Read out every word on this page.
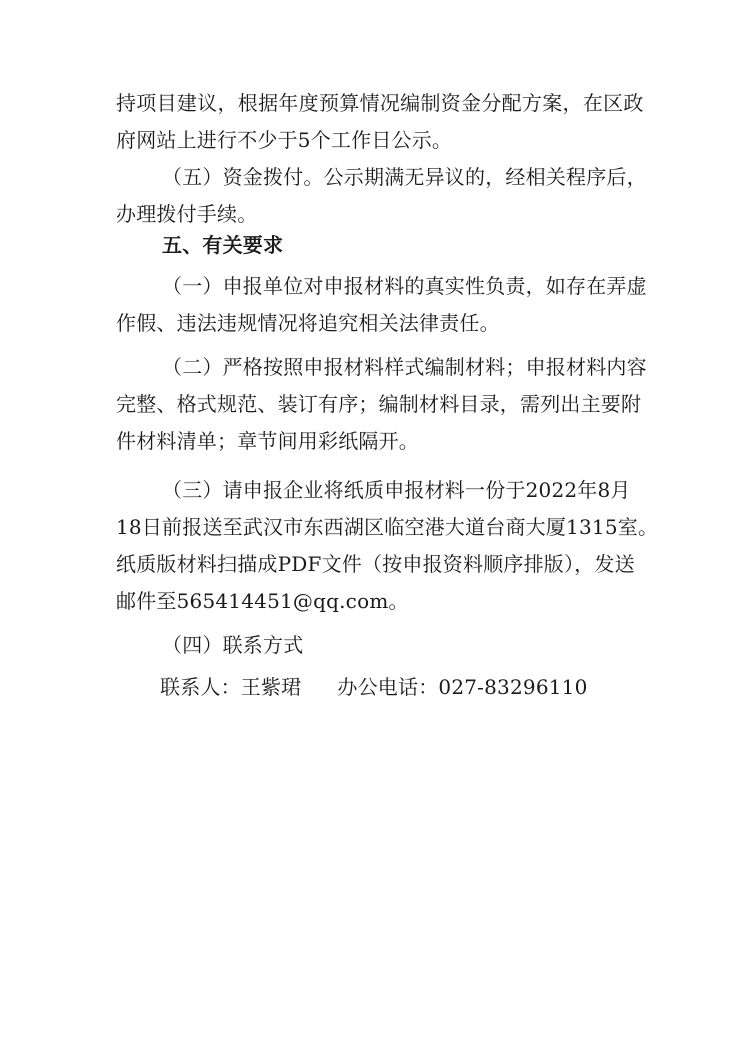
持 项 目 建 议 ， 根 据 年 度 预 算 情 况 编 制 资 金 分 配 方 案 ， 在 区 政
府网站上进行不少于5个工作日公示。
（五）资金拨付。公示期满无异议的，经相关程序后，
办理拨付手续。
五、有关要求
（一）申报单位对申报材料的真实性负责，如存在弄虚
作假、违法违规情况将追究相关法律责任。
（二）严格按照申报材料样式编制材料；申报材料内容
完整、格式规范、装订有序；编制材料目录，需列出主要附
件材料清单；章节间用彩纸隔开。
（三）请申报企业将纸质申报材料一份于2022年8月
18日前报送至武汉市东西湖区临空港大道台商大厦1315室。
纸质版材料扫描成PDF文件（按申报资料顺序排版），发送
邮件至565414451@qq.com。
（四）联系方式
联系人：王紫珺 办公电话：027-83296110
